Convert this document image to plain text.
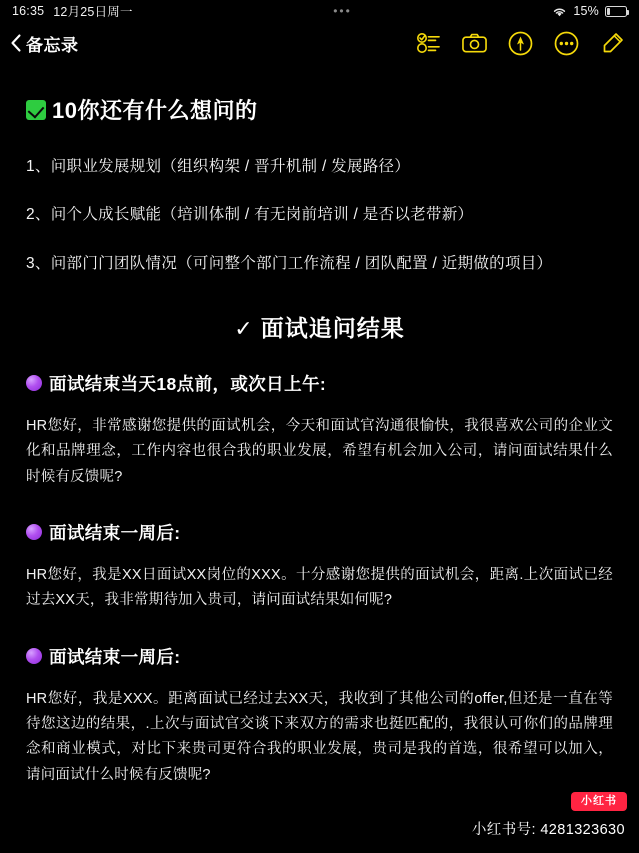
16:35 12月25日周一	•••	15%
备忘录
10你还有什么想问的
1、问职业发展规划（组织构架 / 晋升机制 / 发展路径）
2、问个人成长赋能（培训体制 / 有无岗前培训 / 是否以老带新）
3、问部门门团队情况（可问整个部门工作流程 / 团队配置 / 近期做的项目）
✓ 面试追问结果
面试结束当天18点前，或次日上午:

HR您好，非常感谢您提供的面试机会，今天和面试官沟通很愉快，我很喜欢公司的企业文化和品牌理念，工作内容也很合我的职业发展，希望有机会加入公司，请问面试结果什么时候有反馈呢?

面试结束一周后:

HR您好，我是XX日面试XX岗位的XXX。十分感谢您提供的面试机会，距离.上次面试已经过去XX天，我非常期待加入贵司，请问面试结果如何呢?

面试结束一周后:

HR您好，我是XXX。距离面试已经过去XX天，我收到了其他公司的offer,但还是一直在等待您这边的结果，.上次与面试官交谈下来双方的需求也挺匹配的，我很认可你们的品牌理念和商业模式，对比下来贵司更符合我的职业发展，贵司是我的首选，很希望可以加入，请问面试什么时候有反馈呢?

小红书
小红书号: 4281323630
